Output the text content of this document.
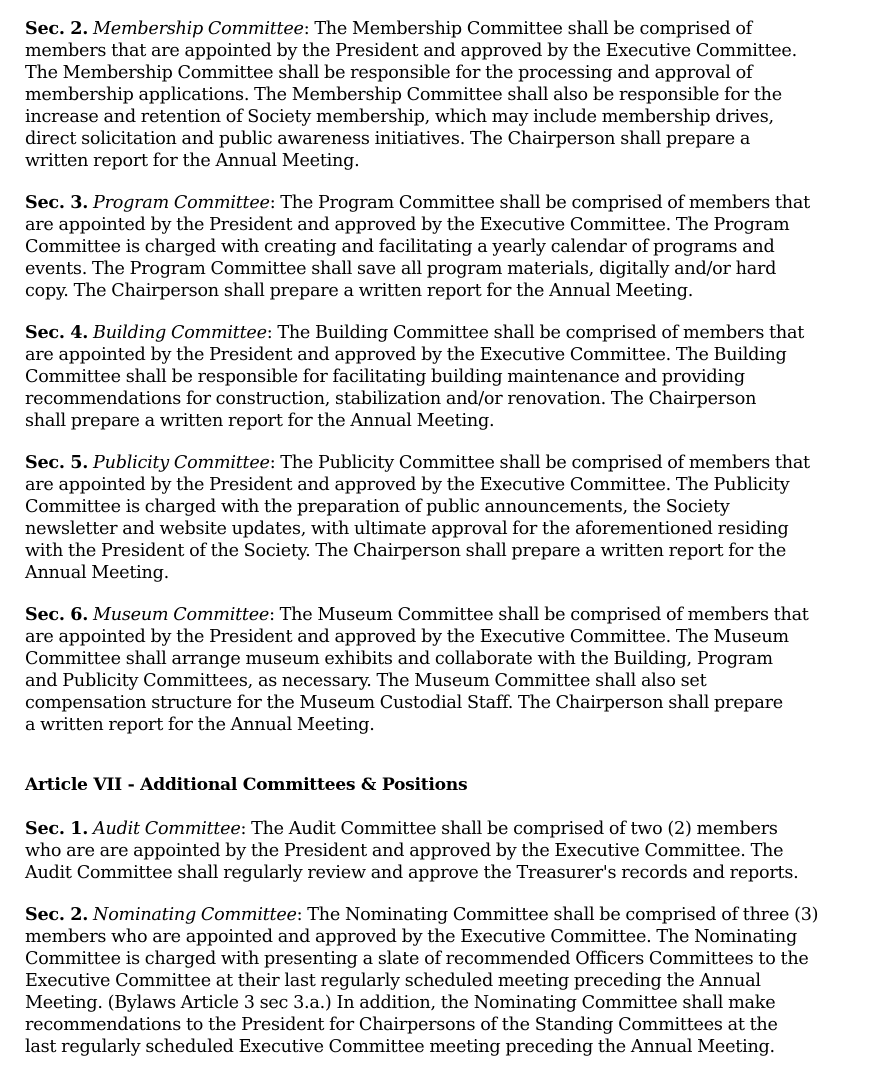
Sec. 2. Membership Committee: The Membership Committee shall be comprised of
members that are appointed by the President and approved by the Executive Committee.
The Membership Committee shall be responsible for the processing and approval of
membership applications. The Membership Committee shall also be responsible for the
increase and retention of Society membership, which may include membership drives,
direct solicitation and public awareness initiatives. The Chairperson shall prepare a
written report for the Annual Meeting.
Sec. 3. Program Committee: The Program Committee shall be comprised of members that
are appointed by the President and approved by the Executive Committee. The Program
Committee is charged with creating and facilitating a yearly calendar of programs and
events. The Program Committee shall save all program materials, digitally and/or hard
copy. The Chairperson shall prepare a written report for the Annual Meeting.
Sec. 4. Building Committee: The Building Committee shall be comprised of members that
are appointed by the President and approved by the Executive Committee. The Building
Committee shall be responsible for facilitating building maintenance and providing
recommendations for construction, stabilization and/or renovation. The Chairperson
shall prepare a written report for the Annual Meeting.
Sec. 5. Publicity Committee: The Publicity Committee shall be comprised of members that
are appointed by the President and approved by the Executive Committee. The Publicity
Committee is charged with the preparation of public announcements, the Society
newsletter and website updates, with ultimate approval for the aforementioned residing
with the President of the Society. The Chairperson shall prepare a written report for the
Annual Meeting.
Sec. 6. Museum Committee: The Museum Committee shall be comprised of members that
are appointed by the President and approved by the Executive Committee. The Museum
Committee shall arrange museum exhibits and collaborate with the Building, Program
and Publicity Committees, as necessary. The Museum Committee shall also set
compensation structure for the Museum Custodial Staff. The Chairperson shall prepare
a written report for the Annual Meeting.
Article VII - Additional Committees & Positions
Sec. 1. Audit Committee: The Audit Committee shall be comprised of two (2) members
who are are appointed by the President and approved by the Executive Committee. The
Audit Committee shall regularly review and approve the Treasurer's records and reports.
Sec. 2. Nominating Committee: The Nominating Committee shall be comprised of three (3)
members who are appointed and approved by the Executive Committee. The Nominating
Committee is charged with presenting a slate of recommended Officers Committees to the
Executive Committee at their last regularly scheduled meeting preceding the Annual
Meeting. (Bylaws Article 3 sec 3.a.) In addition, the Nominating Committee shall make
recommendations to the President for Chairpersons of the Standing Committees at the
last regularly scheduled Executive Committee meeting preceding the Annual Meeting.
